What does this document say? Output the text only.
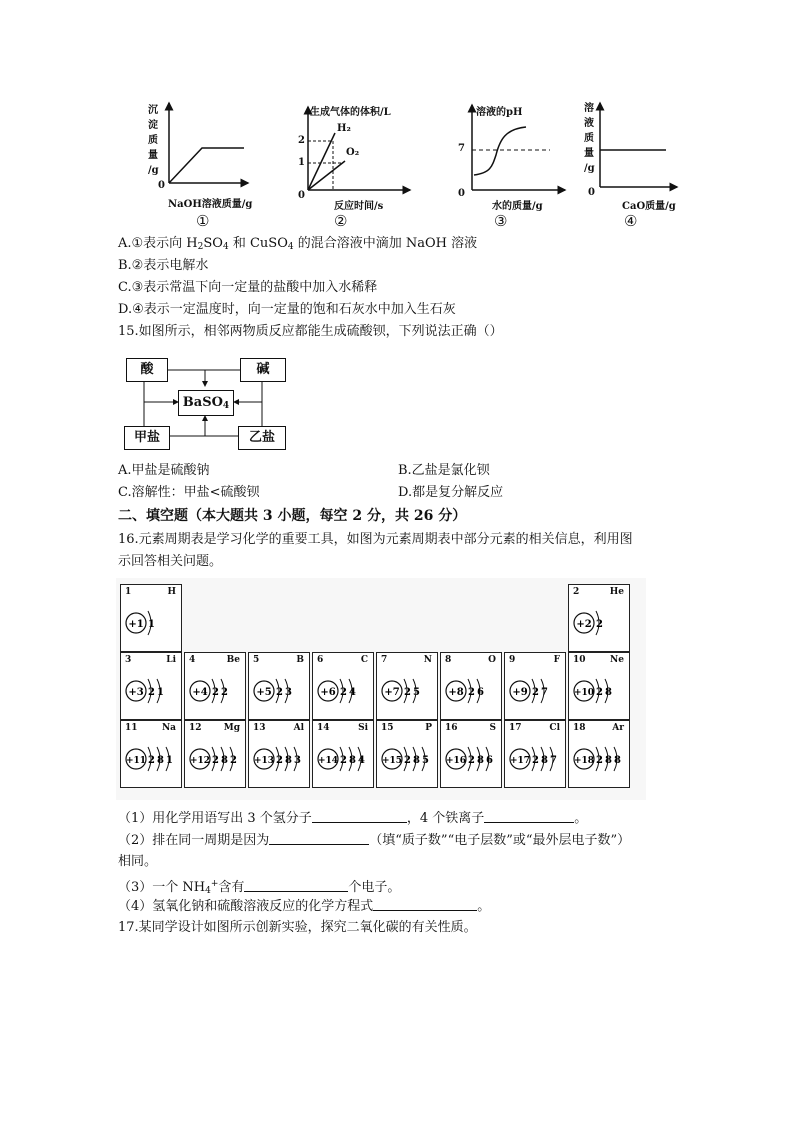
沉
淀
质
量
/g
0
NaOH溶液质量/g
①
生成气体的体积/L
2
1
H₂
O₂
0
反应时间/s
②
溶液的pH
7
0
水的质量/g
③
溶
液
质
量
/g
0
CaO质量/g
④
A.①表示向 $H_2SO_4$ 和 CuSO$_4$ 的混合溶液中滴加 NaOH 溶液
B.②表示电解水
C.③表示常温下向一定量的盐酸中加入水稀释
D.④表示一定温度时，向一定量的饱和石灰水中加入生石灰
15.如图所示，相邻两物质反应都能生成硫酸钡，下列说法正确（）
酸	碱
BaSO$_4$
甲盐	乙盐
A.甲盐是硫酸钠	B.乙盐是氯化钡
C.溶解性：甲盐<硫酸钡	D.都是复分解反应
二、填空题（本大题共 3 小题，每空 2 分，共 26 分）
16.元素周期表是学习化学的重要工具，如图为元素周期表中部分元素的相关信息，利用图
示回答相关问题。
1	H
+1 1
2	He
+2 2
3	Li
+3 2 1
4	Be
+4 2 2
5	B
+5 2 3
6	C
+6 2 4
7	N
+7 2 5
8	O
+8 2 6
9	F
+9 2 7
10	Ne
+10 2 8
11	Na
+11 2 8 1
12 Mg
+12 2 8 2
13	Al
+13 2 8 3
14	Si
+14 2 8 4
15	P
+15 2 8 5
16	S
+16 2 8 6
17	Cl
+17 2 8 7
18	Ar
+18 2 8 8
（1）用化学用语写出 3 个氢分子	，4 个铁离子	。
（2）排在同一周期是因为	（填“质子数”“电子层数”或“最外层电子数”）
相同。
（3）一个 $NH_4^+$含有	个电子。
（4）氢氧化钠和硫酸溶液反应的化学方程式	。
17.某同学设计如图所示创新实验，探究二氧化碳的有关性质。
